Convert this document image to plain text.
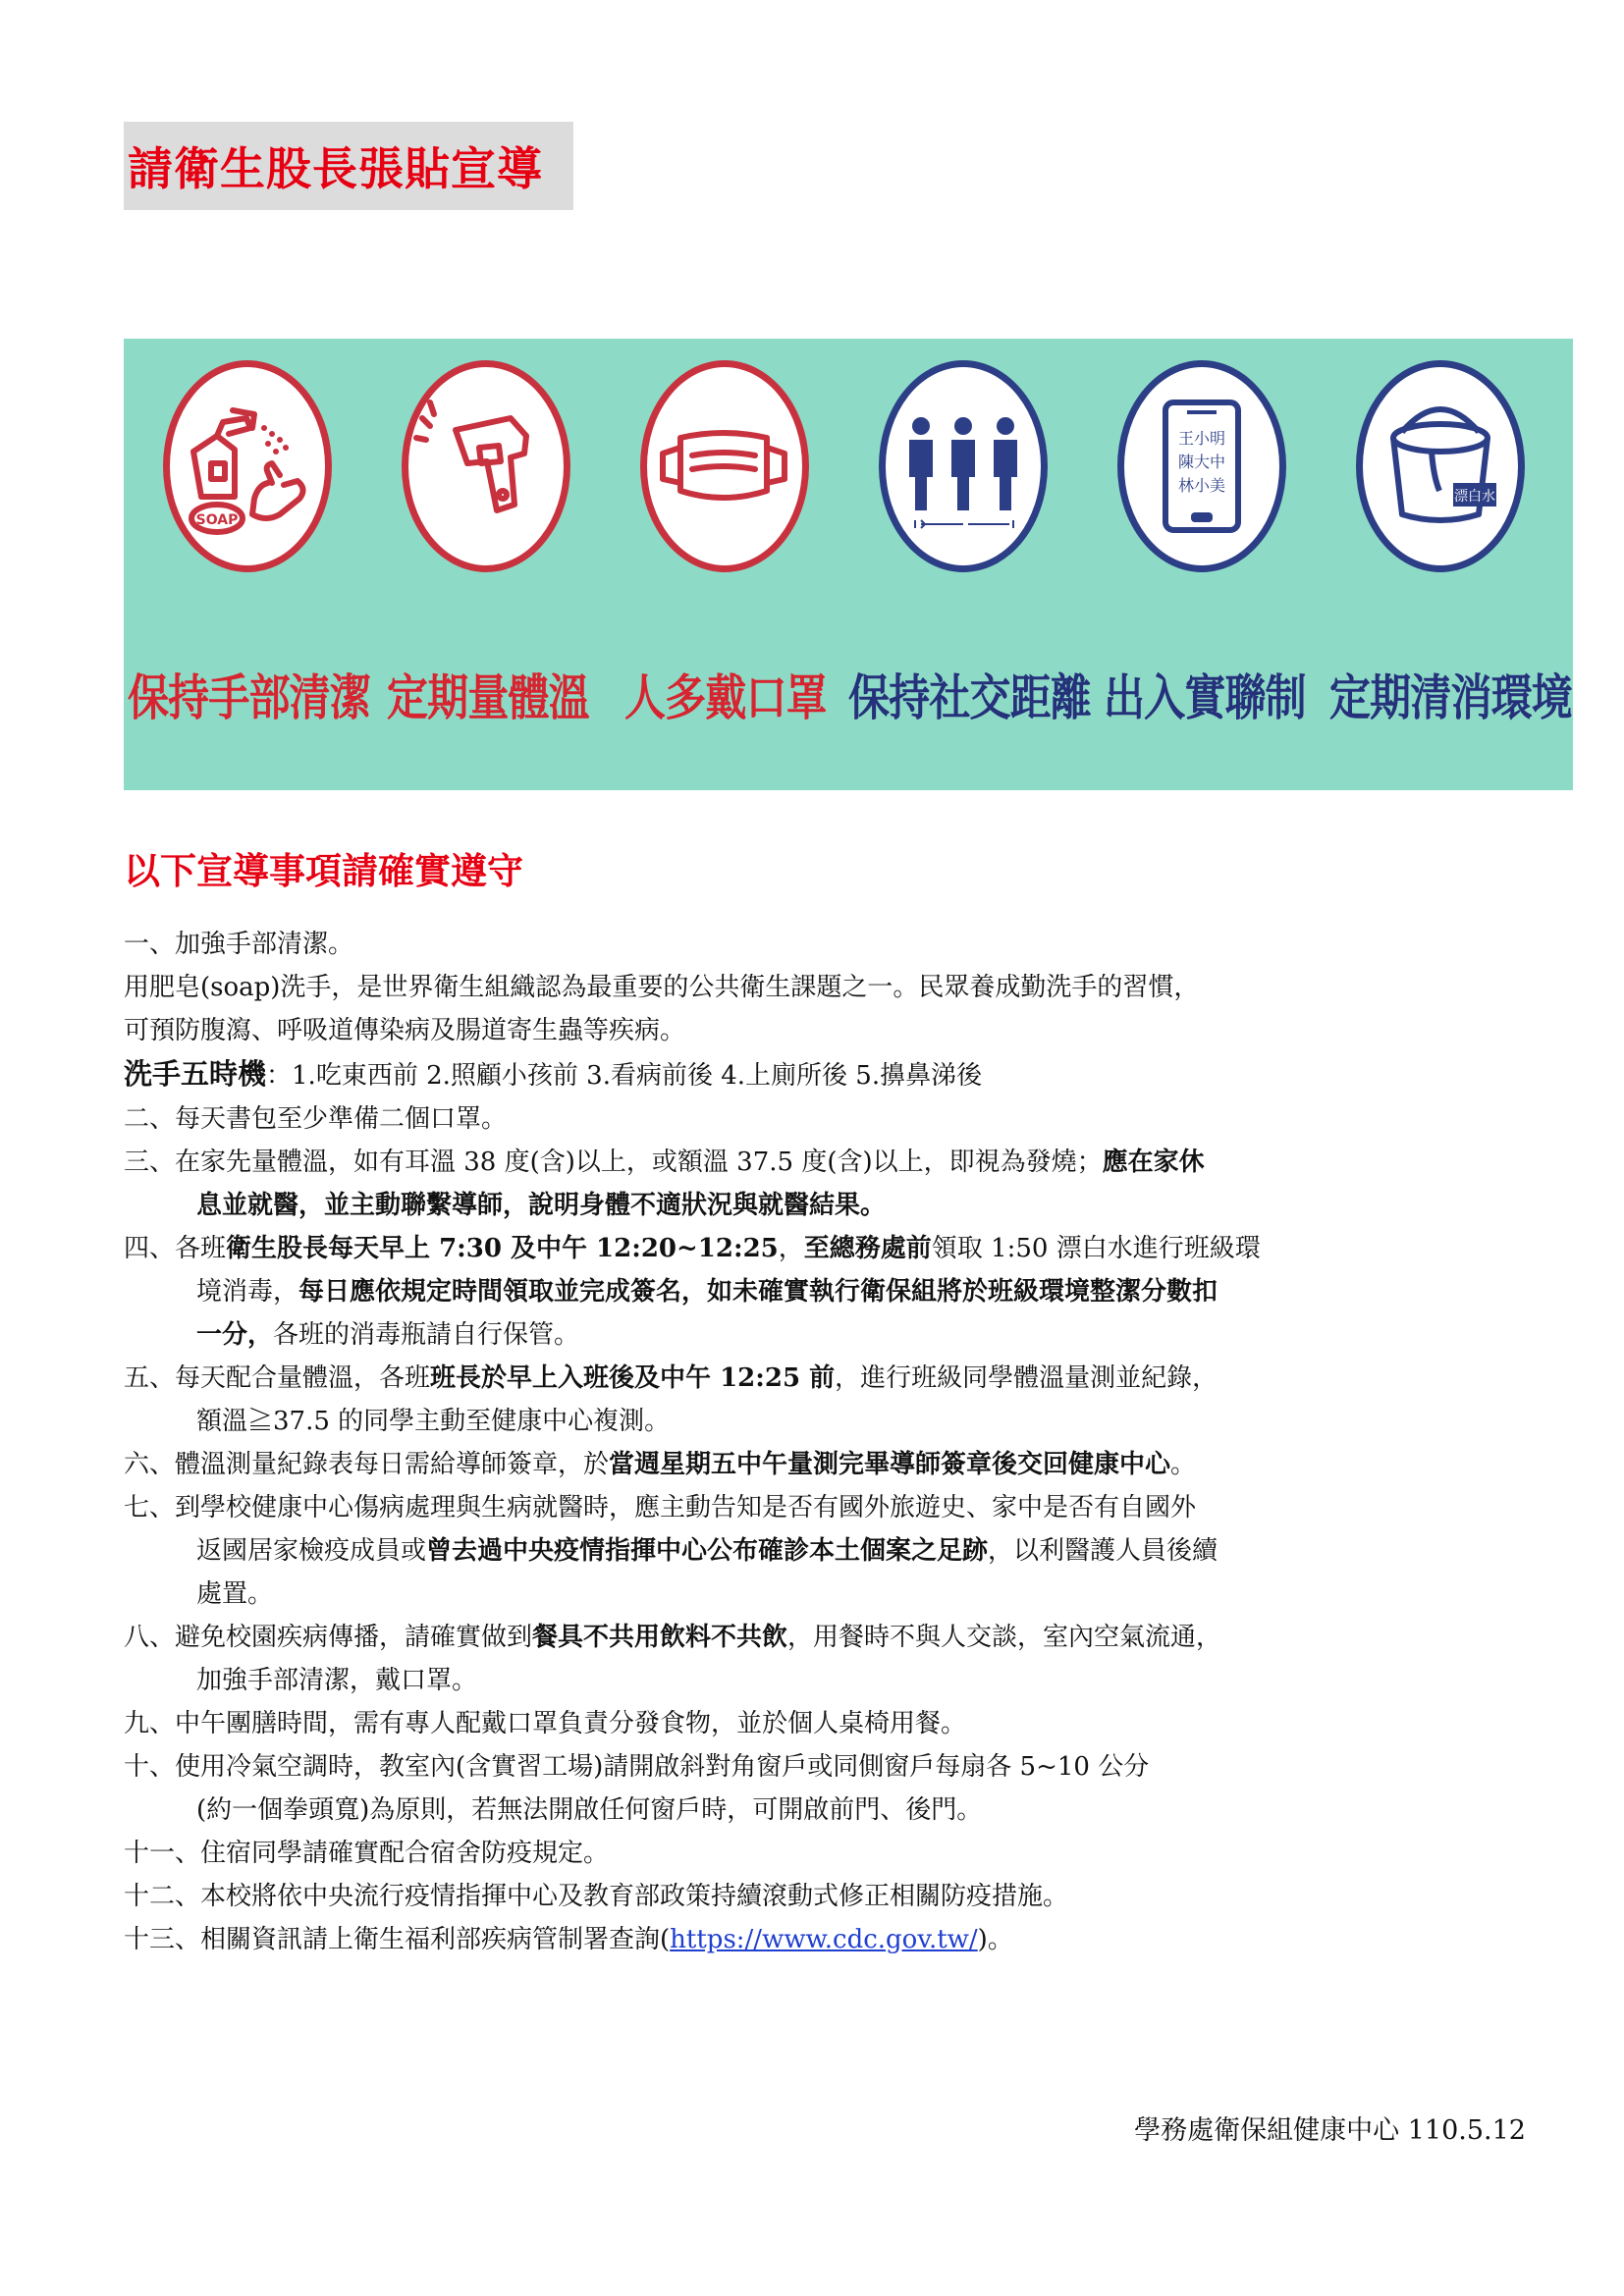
請衛生股長張貼宣導
SOAP
王小明
陳大中
林小美
漂白水
保持手部清潔 定期量體溫 人多戴口罩 保持社交距離 出入實聯制 定期清消環境
以下宣導事項請確實遵守
一、加強手部清潔。
用肥皂(soap)洗手，是世界衛生組織認為最重要的公共衛生課題之一。民眾養成勤洗手的習慣，
可預防腹瀉、呼吸道傳染病及腸道寄生蟲等疾病。
洗手五時機：1.吃東西前 2.照顧小孩前 3.看病前後 4.上廁所後 5.擤鼻涕後
二、每天書包至少準備二個口罩。
三、在家先量體溫，如有耳溫 38 度(含)以上，或額溫 37.5 度(含)以上，即視為發燒；應在家休
息並就醫，並主動聯繫導師，說明身體不適狀況與就醫結果。
四、各班衛生股長每天早上 7:30 及中午 12:20~12:25，至總務處前領取 1:50 漂白水進行班級環
境消毒，每日應依規定時間領取並完成簽名，如未確實執行衛保組將於班級環境整潔分數扣
一分，各班的消毒瓶請自行保管。
五、每天配合量體溫，各班班長於早上入班後及中午 12:25 前，進行班級同學體溫量測並紀錄，
額溫≧37.5 的同學主動至健康中心複測。
六、體溫測量紀錄表每日需給導師簽章，於當週星期五中午量測完畢導師簽章後交回健康中心。
七、到學校健康中心傷病處理與生病就醫時，應主動告知是否有國外旅遊史、家中是否有自國外
返國居家檢疫成員或曾去過中央疫情指揮中心公布確診本土個案之足跡，以利醫護人員後續
處置。
八、避免校園疾病傳播，請確實做到餐具不共用飲料不共飲，用餐時不與人交談，室內空氣流通，
加強手部清潔，戴口罩。
九、中午團膳時間，需有專人配戴口罩負責分發食物，並於個人桌椅用餐。
十、使用冷氣空調時，教室內(含實習工場)請開啟斜對角窗戶或同側窗戶每扇各 5~10 公分
(約一個拳頭寬)為原則，若無法開啟任何窗戶時，可開啟前門、後門。
十一、住宿同學請確實配合宿舍防疫規定。
十二、本校將依中央流行疫情指揮中心及教育部政策持續滾動式修正相關防疫措施。
十三、相關資訊請上衛生福利部疾病管制署查詢(https://www.cdc.gov.tw/)。
學務處衛保組健康中心 110.5.12
